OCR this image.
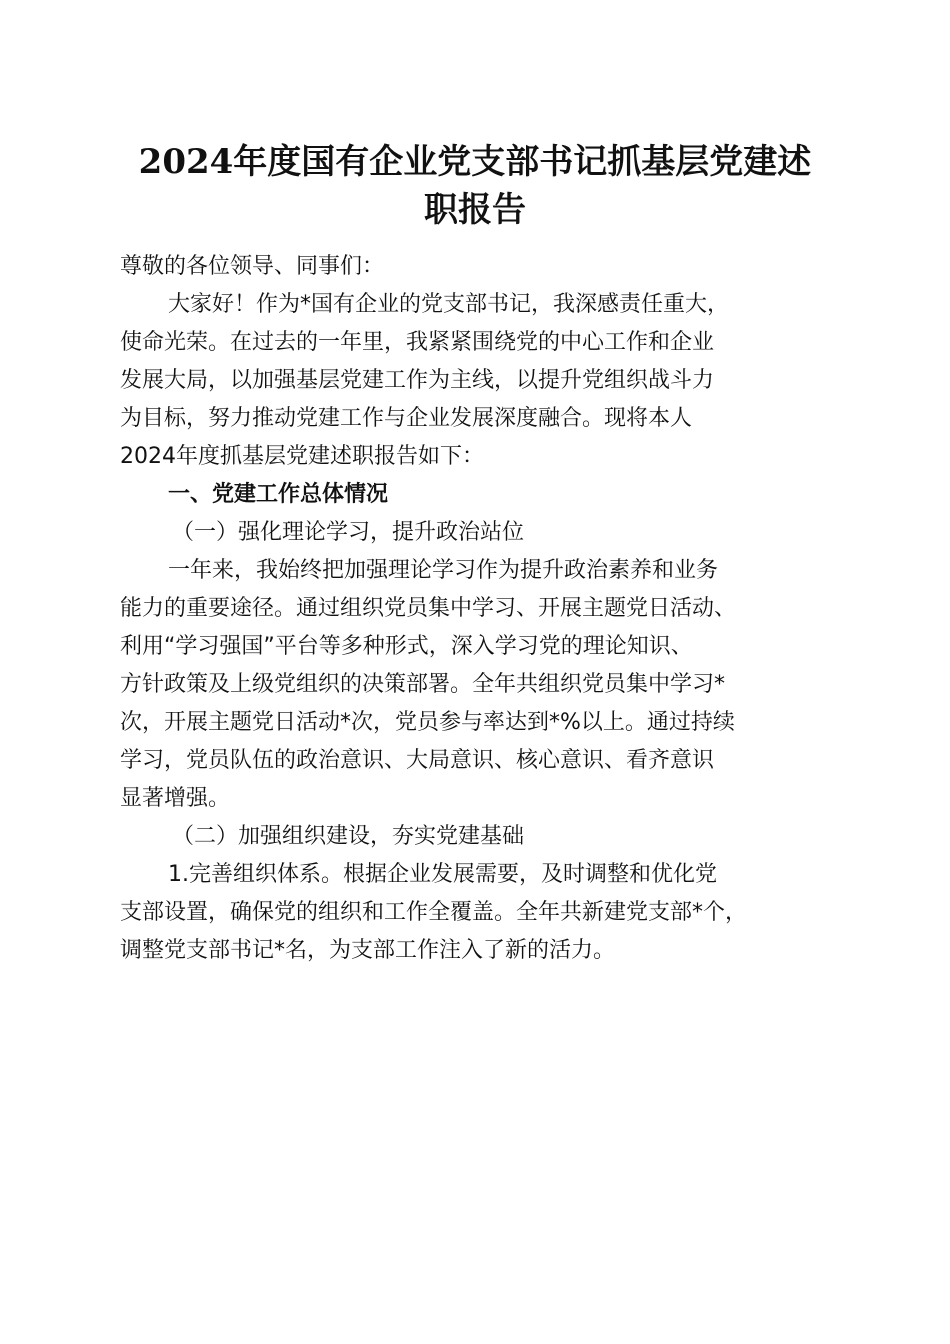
2024年度国有企业党支部书记抓基层党建述
职报告
尊敬的各位领导、同事们：
大家好！作为*国有企业的党支部书记，我深感责任重大，
使命光荣。在过去的一年里，我紧紧围绕党的中心工作和企业
发展大局，以加强基层党建工作为主线，以提升党组织战斗力
为目标，努力推动党建工作与企业发展深度融合。现将本人
2024年度抓基层党建述职报告如下：
一、党建工作总体情况
（一）强化理论学习，提升政治站位
一年来，我始终把加强理论学习作为提升政治素养和业务
能力的重要途径。通过组织党员集中学习、开展主题党日活动、
利用“学习强国”平台等多种形式，深入学习党的理论知识、
方针政策及上级党组织的决策部署。全年共组织党员集中学习*
次，开展主题党日活动*次，党员参与率达到*%以上。通过持续
学习，党员队伍的政治意识、大局意识、核心意识、看齐意识
显著增强。
（二）加强组织建设，夯实党建基础
1.完善组织体系。根据企业发展需要，及时调整和优化党
支部设置，确保党的组织和工作全覆盖。全年共新建党支部*个，
调整党支部书记*名，为支部工作注入了新的活力。
